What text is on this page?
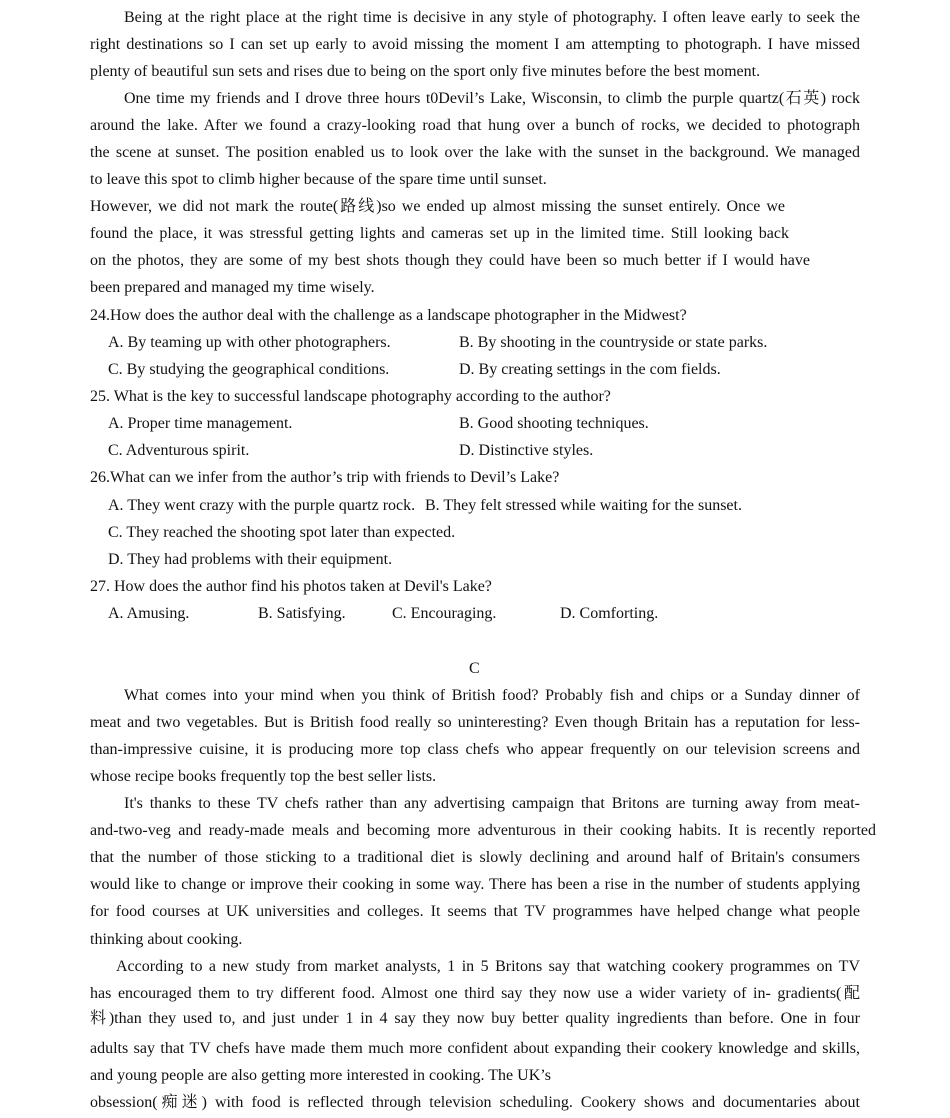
Being at the right place at the right time is decisive in any style of photography. I often leave early to seek the
right destinations so I can set up early to avoid missing the moment I am attempting to photograph. I have missed
plenty of beautiful sun sets and rises due to being on the sport only five minutes before the best moment.
One time my friends and I drove three hours t0Devil’s Lake, Wisconsin, to climb the purple quartz(石英) rock
around the lake. After we found a crazy-looking road that hung over a bunch of rocks, we decided to photograph
the scene at sunset. The position enabled us to look over the lake with the sunset in the background. We managed
to leave this spot to climb higher because of the spare time until sunset.
However, we did not mark the route(路线)so we ended up almost missing the sunset entirely. Once we
found the place, it was stressful getting lights and cameras set up in the limited time. Still looking back
on the photos, they are some of my best shots though they could have been so much better if I would have
been prepared and managed my time wisely.
24.How does the author deal with the challenge as a landscape photographer in the Midwest?
A. By teaming up with other photographers.	B. By shooting in the countryside or state parks.
C. By studying the geographical conditions.	D. By creating settings in the com fields.
25. What is the key to successful landscape photography according to the author?
A. Proper time management.	B. Good shooting techniques.
C. Adventurous spirit.	D. Distinctive styles.
26.What can we infer from the author’s trip with friends to Devil’s Lake?
A. They went crazy with the purple quartz rock. B. They felt stressed while waiting for the sunset.
C. They reached the shooting spot later than expected.
D. They had problems with their equipment.
27. How does the author find his photos taken at Devil's Lake?
A. Amusing.	B. Satisfying.	C. Encouraging.	D. Comforting.
C
What comes into your mind when you think of British food? Probably fish and chips or a Sunday dinner of
meat and two vegetables. But is British food really so uninteresting? Even though Britain has a reputation for less-
than-impressive cuisine, it is producing more top class chefs who appear frequently on our television screens and
whose recipe books frequently top the best seller lists.
It's thanks to these TV chefs rather than any advertising campaign that Britons are turning away from meat-
and-two-veg and ready-made meals and becoming more adventurous in their cooking habits. It is recently reported
that the number of those sticking to a traditional diet is slowly declining and around half of Britain's consumers
would like to change or improve their cooking in some way. There has been a rise in the number of students applying
for food courses at UK universities and colleges. It seems that TV programmes have helped change what people
thinking about cooking.
According to a new study from market analysts, 1 in 5 Britons say that watching cookery programmes on TV
has encouraged them to try different food. Almost one third say they now use a wider variety of in- gradients(配
料)than they used to, and just under 1 in 4 say they now buy better quality ingredients than before. One in four
adults say that TV chefs have made them much more confident about expanding their cookery knowledge and skills,
and young people are also getting more interested in cooking. The UK’s
obsession(痴迷) with food is reflected through television scheduling. Cookery shows and documentaries about
